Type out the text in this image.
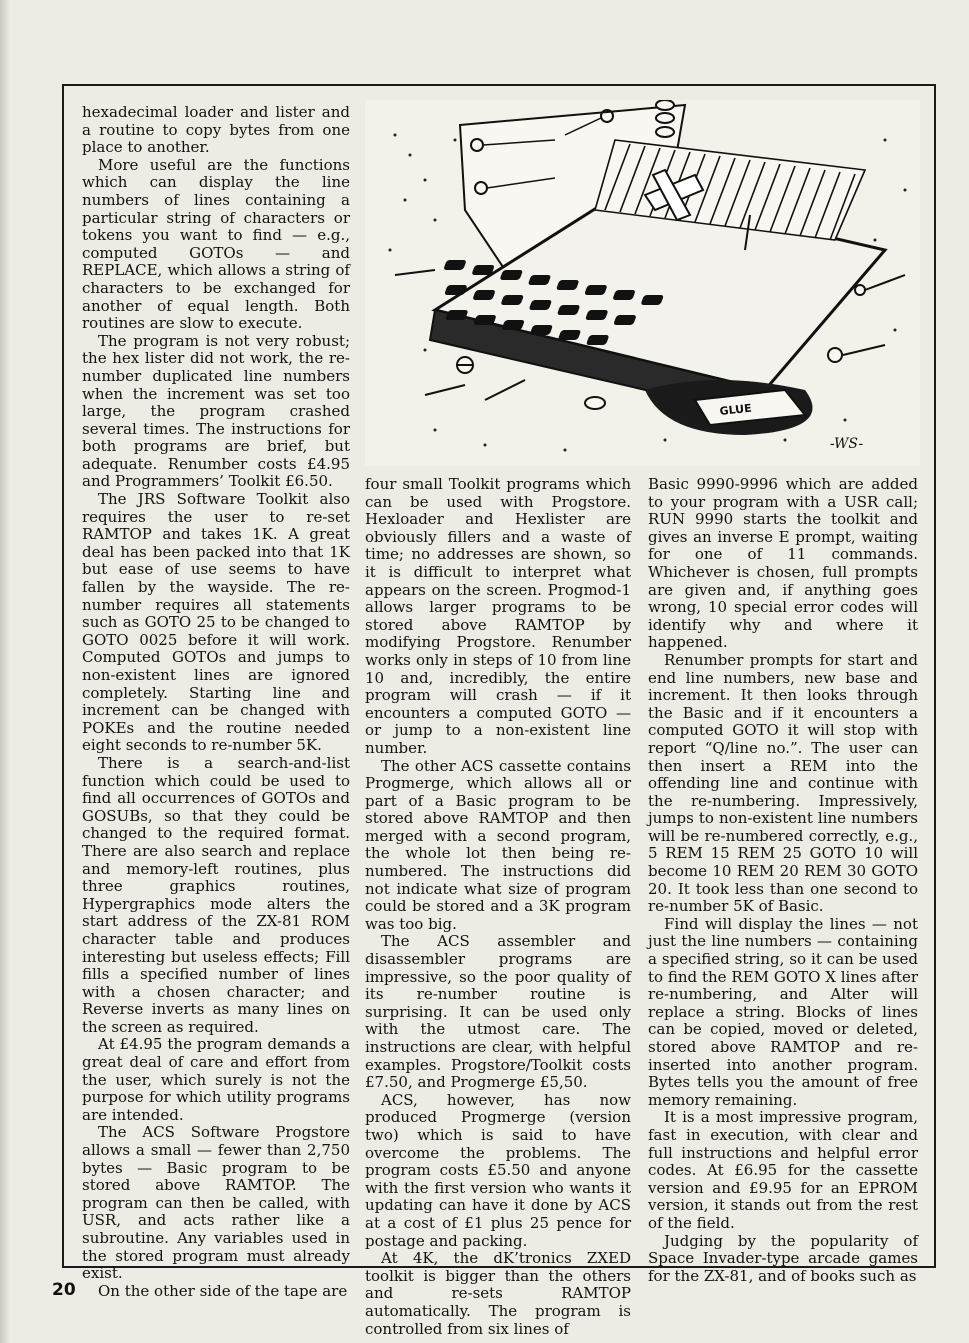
GLUE
-WS-

hexadecimal loader and lister and a routine to copy bytes from one place to another.

More useful are the functions which can display the line numbers of lines containing a particular string of characters or tokens you want to find — e.g., computed GOTOs — and REPLACE, which allows a string of characters to be exchanged for another of equal length. Both routines are slow to execute.

The program is not very robust; the hex lister did not work, the re-number duplicated line numbers when the increment was set too large, the program crashed several times. The instructions for both programs are brief, but adequate. Renumber costs £4.95 and Programmers’ Toolkit £6.50.

The JRS Software Toolkit also requires the user to re-set RAMTOP and takes 1K. A great deal has been packed into that 1K but ease of use seems to have fallen by the wayside. The re-number requires all statements such as GOTO 25 to be changed to GOTO 0025 before it will work. Computed GOTOs and jumps to non-existent lines are ignored completely. Starting line and increment can be changed with POKEs and the routine needed eight seconds to re-number 5K.

There is a search-and-list function which could be used to find all occurrences of GOTOs and GOSUBs, so that they could be changed to the required format. There are also search and replace and memory-left routines, plus three graphics routines, Hypergraphics mode alters the start address of the ZX-81 ROM character table and produces interesting but useless effects; Fill fills a specified number of lines with a chosen character; and Reverse inverts as many lines on the screen as required.

At £4.95 the program demands a great deal of care and effort from the user, which surely is not the purpose for which utility programs are intended.

The ACS Software Progstore allows a small — fewer than 2,750 bytes — Basic program to be stored above RAMTOP. The program can then be called, with USR, and acts rather like a subroutine. Any variables used in the stored program must already exist.

On the other side of the tape are

four small Toolkit programs which can be used with Progstore. Hexloader and Hexlister are obviously fillers and a waste of time; no addresses are shown, so it is difficult to interpret what appears on the screen. Progmod-1 allows larger programs to be stored above RAMTOP by modifying Progstore. Renumber works only in steps of 10 from line 10 and, incredibly, the entire program will crash — if it encounters a computed GOTO — or jump to a non-existent line number.

The other ACS cassette contains Progmerge, which allows all or part of a Basic program to be stored above RAMTOP and then merged with a second program, the whole lot then being re-numbered. The instructions did not indicate what size of program could be stored and a 3K program was too big.

The ACS assembler and disassembler programs are impressive, so the poor quality of its re-number routine is surprising. It can be used only with the utmost care. The instructions are clear, with helpful examples. Progstore/Toolkit costs £7.50, and Progmerge £5,50.

ACS, however, has now produced Progmerge (version two) which is said to have overcome the problems. The program costs £5.50 and anyone with the first version who wants it updating can have it done by ACS at a cost of £1 plus 25 pence for postage and packing.

At 4K, the dK’tronics ZXED toolkit is bigger than the others and re-sets RAMTOP automatically. The program is controlled from six lines of

Basic 9990-9996 which are added to your program with a USR call; RUN 9990 starts the toolkit and gives an inverse E prompt, waiting for one of 11 commands. Whichever is chosen, full prompts are given and, if anything goes wrong, 10 special error codes will identify why and where it happened.

Renumber prompts for start and end line numbers, new base and increment. It then looks through the Basic and if it encounters a computed GOTO it will stop with report “Q/line no.”. The user can then insert a REM into the offending line and continue with the re-numbering. Impressively, jumps to non-existent line numbers will be re-numbered correctly, e.g., 5 REM 15 REM 25 GOTO 10 will become 10 REM 20 REM 30 GOTO 20. It took less than one second to re-number 5K of Basic.

Find will display the lines — not just the line numbers — containing a specified string, so it can be used to find the REM GOTO X lines after re-numbering, and Alter will replace a string. Blocks of lines can be copied, moved or deleted, stored above RAMTOP and re-inserted into another program. Bytes tells you the amount of free memory remaining.

It is a most impressive program, fast in execution, with clear and full instructions and helpful error codes. At £6.95 for the cassette version and £9.95 for an EPROM version, it stands out from the rest of the field.

Judging by the popularity of Space Invader-type arcade games for the ZX-81, and of books such as

20
